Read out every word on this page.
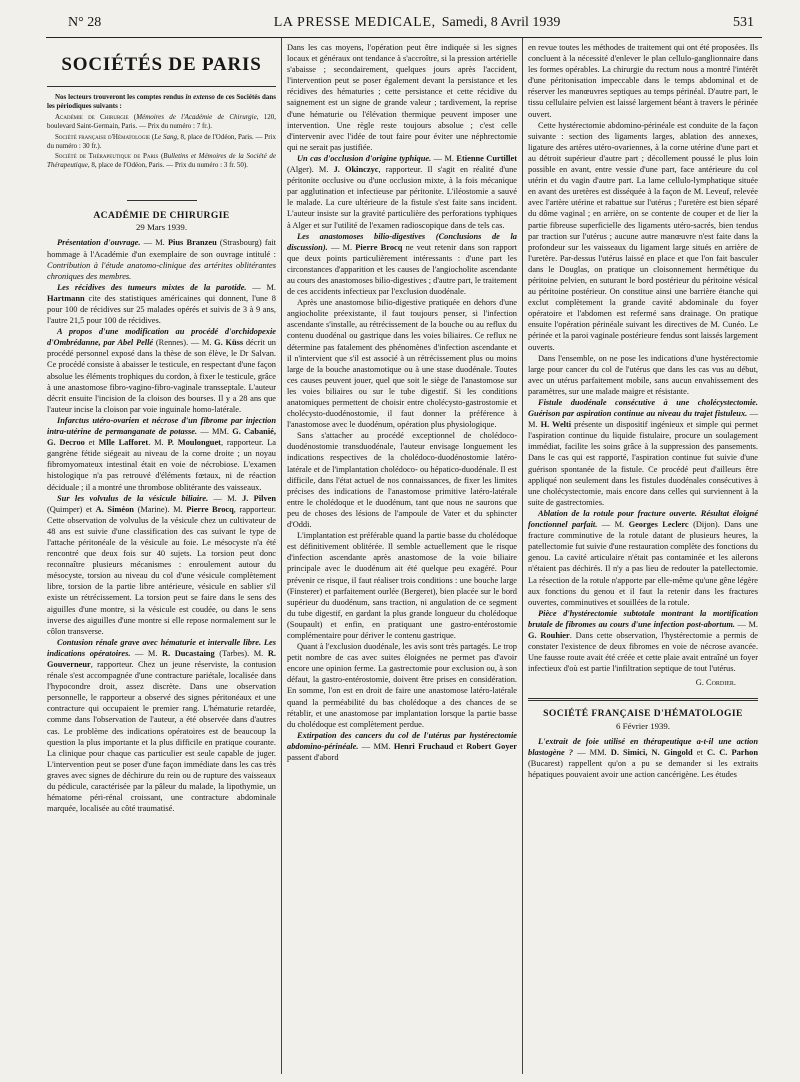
N° 28	LA PRESSE MEDICALE, Samedi, 8 Avril 1939	531
SOCIÉTÉS DE PARIS
Nos lecteurs trouveront les comptes rendus in extenso de ces Sociétés dans les périodiques suivants :
Académie de Chirurgie (Mémoires de l'Académie de Chirurgie, 120, boulevard Saint-Germain, Paris. — Prix du numéro : 7 fr.).
Société française d'Hématologie (Le Sang, 8, place de l'Odéon, Paris. — Prix du numéro : 30 fr.).
Société de Thérapeutique de Paris (Bulletins et Mémoires de la Société de Thérapeutique, 8, place de l'Odéon, Paris. — Prix du numéro : 3 fr. 50).
ACADÉMIE DE CHIRURGIE
29 Mars 1939.
Présentation d'ouvrage. — M. Pius Branzeu (Strasbourg) fait hommage à l'Académie d'un exemplaire de son ouvrage intitulé : Contribution à l'étude anatomo-clinique des artérites oblitérantes chroniques des membres.
Les récidives des tumeurs mixtes de la parotide. — M. Hartmann cite des statistiques américaines qui donnent, l'une 8 pour 100 de récidives sur 25 malades opérés et suivis de 3 à 9 ans, l'autre 21,5 pour 100 de récidives.
A propos d'une modification au procédé d'orchidopexie d'Ombrédanne, par Abel Pellé (Rennes). — M. G. Küss décrit un procédé personnel exposé dans la thèse de son élève, le Dr Salvan. Ce procédé consiste à abaisser le testicule, en respectant d'une façon absolue les éléments trophiques du cordon, à fixer le testicule, grâce à une anastomose fibro-vagino-fibro-vaginale transseptale. L'auteur décrit ensuite l'incision de la cloison des bourses. Il y a 28 ans que l'auteur incise la cloison par voie inguinale homo-latérale.
Infarctus utéro-ovarien et nécrose d'un fibrome par injection intra-utérine de permanganate de potasse. — MM. G. Cabanié, G. Decroo et Mlle Lafforet. M. P. Moulonguet, rapporteur. La gangrène fétide siégeait au niveau de la corne droite ; un noyau fibromyomateux intestinal était en voie de nécrobiose. L'examen histologique n'a pas retrouvé d'éléments fœtaux, ni de réaction déciduale ; il a montré une thrombose oblitérante des vaisseaux.
Sur les volvulus de la vésicule biliaire. — M. J. Pilven (Quimper) et A. Siméon (Marine). M. Pierre Brocq, rapporteur. Cette observation de volvulus de la vésicule chez un cultivateur de 48 ans est suivie d'une classification des cas suivant le type de l'attache péritonéale de la vésicule au foie. Le mésocyste n'a été rencontré que deux fois sur 40 sujets. La torsion peut donc reconnaître plusieurs mécanismes : enroulement autour du mésocyste, torsion au niveau du col d'une vésicule complètement libre, torsion de la partie libre antérieure, vésicule en sablier s'il existe un rétrécissement. La torsion peut se faire dans le sens des aiguilles d'une montre, si la vésicule est coudée, ou dans le sens inverse des aiguilles d'une montre si elle repose normalement sur le côlon transverse.
Contusion rénale grave avec hématurie et intervalle libre. Les indications opératoires. — M. R. Ducastaing (Tarbes). M. R. Gouverneur, rapporteur. Chez un jeune réserviste, la contusion rénale s'est accompagnée d'une contracture pariétale, localisée dans l'hypocondre droit, assez discrète. Dans une observation personnelle, le rapporteur a observé des signes péritonéaux et une contracture qui occupaient le premier rang. L'hématurie retardée, comme dans l'observation de l'auteur, a été observée dans d'autres cas. Le problème des indications opératoires est de beaucoup la question la plus importante et la plus difficile en pratique courante. La clinique pour chaque cas particulier est seule capable de juger. L'intervention peut se poser d'une façon immédiate dans les cas très graves avec signes de déchirure du rein ou de rupture des vaisseaux du pédicule, caractérisée par la pâleur du malade, la lipothymie, un hématome péri-rénal croissant, une contracture abdominale marquée, localisée au côté traumatisé.
Dans les cas moyens, l'opération peut être indiquée si les signes locaux et généraux ont tendance à s'accroître, si la pression artérielle s'abaisse ; secondairement, quelques jours après l'accident, l'intervention peut se poser également devant la persistance et les récidives des hématuries ; cette persistance et cette récidive du saignement est un signe de grande valeur ; tardivement, la reprise d'une hématurie ou l'élévation thermique peuvent imposer une intervention. Une règle reste toujours absolue ; c'est celle d'intervenir avec l'idée de tout faire pour éviter une néphrectomie qui ne serait pas justifiée.
Un cas d'occlusion d'origine typhique. — M. Etienne Curtillet (Alger). M. J. Okinczyc, rapporteur. Il s'agit en réalité d'une péritonite occlusive ou d'une occlusion mixte, à la fois mécanique par agglutination et infectieuse par péritonite. L'iléostomie a sauvé le malade. La cure ultérieure de la fistule s'est faite sans incident. L'auteur insiste sur la gravité particulière des perforations typhiques à Alger et sur l'utilité de l'examen radioscopique dans de tels cas.
Les anastomoses bilio-digestives (Conclusions de la discussion). — M. Pierre Brocq ne veut retenir dans son rapport que deux points particulièrement intéressants : d'une part les circonstances d'apparition et les causes de l'angiocholite ascendante au cours des anastomoses bilio-digestives ; d'autre part, le traitement de ces accidents infectieux par l'exclusion duodénale.
Après une anastomose bilio-digestive pratiquée en dehors d'une angiocholite préexistante, il faut toujours penser, si l'infection ascendante s'installe, au rétrécissement de la bouche ou au reflux du contenu duodénal ou gastrique dans les voies biliaires. Ce reflux ne détermine pas fatalement des phénomènes d'infection ascendante et il n'intervient que s'il est associé à un rétrécissement plus ou moins large de la bouche anastomotique ou à une stase duodénale. Toutes ces causes peuvent jouer, quel que soit le siège de l'anastomose sur les voies biliaires ou sur le tube digestif. Si les conditions anatomiques permettent de choisir entre cholécysto-gastrostomie et cholécysto-duodénostomie, il faut donner la préférence à l'anastomose avec le duodénum, opération plus physiologique.
Sans s'attacher au procédé exceptionnel de cholédoco-duodénostomie transduodénale, l'auteur envisage longuement les indications respectives de la cholédoco-duodénostomie latéro-latérale et de l'implantation cholédoco- ou hépatico-duodénale. Il est difficile, dans l'état actuel de nos connaissances, de fixer les limites précises des indications de l'anastomose primitive latéro-latérale entre le cholédoque et le duodénum, tant que nous ne saurons que peu de choses des lésions de l'ampoule de Vater et du sphincter d'Oddi.
L'implantation est préférable quand la partie basse du cholédoque est définitivement oblitérée. Il semble actuellement que le risque d'infection ascendante après anastomose de la voie biliaire principale avec le duodénum ait été quelque peu exagéré. Pour prévenir ce risque, il faut réaliser trois conditions : une bouche large (Finsterer) et parfaitement ourlée (Bergeret), bien placée sur le bord supérieur du duodénum, sans traction, ni angulation de ce segment du tube digestif, en gardant la plus grande longueur du cholédoque (Soupault) et enfin, en pratiquant une gastro-entérostomie complémentaire pour dériver le contenu gastrique.
Quant à l'exclusion duodénale, les avis sont très partagés. Le trop petit nombre de cas avec suites éloignées ne permet pas d'avoir encore une opinion ferme. La gastrectomie pour exclusion ou, à son défaut, la gastro-entérostomie, doivent être prises en considération. En somme, l'on est en droit de faire une anastomose latéro-latérale quand la perméabilité du bas cholédoque a des chances de se rétablir, et une anastomose par implantation lorsque la partie basse du cholédoque est complètement perdue.
Extirpation des cancers du col de l'utérus par hystérectomie abdomino-périnéale. — MM. Henri Fruchaud et Robert Goyer passent d'abord
en revue toutes les méthodes de traitement qui ont été proposées. Ils concluent à la nécessité d'enlever le plan cellulo-ganglionnaire dans les formes opérables. La chirurgie du rectum nous a montré l'intérêt d'une péritonisation impeccable dans le temps abdominal et de réserver les manœuvres septiques au temps périnéal. D'autre part, le tissu cellulaire pelvien est laissé largement béant à travers le périnée ouvert.
Cette hystérectomie abdomino-périnéale est conduite de la façon suivante : section des ligaments larges, ablation des annexes, ligature des artères utéro-ovariennes, à la corne utérine d'une part et au détroit supérieur d'autre part ; décollement poussé le plus loin possible en avant, entre vessie d'une part, face antérieure du col utérin et du vagin d'autre part. La lame cellulo-lymphatique située en avant des uretères est disséquée à la façon de M. Leveuf, relevée avec l'artère utérine et rabattue sur l'utérus ; l'uretère est bien séparé du dôme vaginal ; en arrière, on se contente de couper et de lier la partie fibreuse superficielle des ligaments utéro-sacrés, bien tendus par traction sur l'utérus ; aucune autre manœuvre n'est faite dans la profondeur sur les vaisseaux du ligament large situés en arrière de l'uretère. Par-dessus l'utérus laissé en place et que l'on fait basculer dans le Douglas, on pratique un cloisonnement hermétique du péritoine pelvien, en suturant le bord postérieur du péritoine vésical au péritoine postérieur. On constitue ainsi une barrière étanche qui exclut complètement la grande cavité abdominale du foyer opératoire et l'abdomen est refermé sans drainage. On pratique ensuite l'opération périnéale suivant les directives de M. Cunéo. Le périnée et la paroi vaginale postérieure fendus sont laissés largement ouverts.
Dans l'ensemble, on ne pose les indications d'une hystérectomie large pour cancer du col de l'utérus que dans les cas vus au début, avec un utérus parfaitement mobile, sans aucun envahissement des paramètres, sur une malade maigre et résistante.
Fistule duodénale consécutive à une cholécystectomie. Guérison par aspiration continue au niveau du trajet fistuleux. — M. H. Welti présente un dispositif ingénieux et simple qui permet l'aspiration continue du liquide fistulaire, procure un soulagement immédiat, facilite les soins grâce à la suppression des pansements. Dans le cas qui est rapporté, l'aspiration continue fut suivie d'une guérison spontanée de la fistule. Ce procédé peut d'ailleurs être appliqué non seulement dans les fistules duodénales consécutives à une cholécystectomie, mais encore dans celles qui surviennent à la suite de gastrectomies.
Ablation de la rotule pour fracture ouverte. Résultat éloigné fonctionnel parfait. — M. Georges Leclerc (Dijon). Dans une fracture comminutive de la rotule datant de plusieurs heures, la patellectomie fut suivie d'une restauration complète des fonctions du genou. La cavité articulaire n'était pas contaminée et les ailerons n'étaient pas déchirés. Il n'y a pas lieu de redouter la patellectomie. La résection de la rotule n'apporte par elle-même qu'une gêne légère aux fonctions du genou et il faut la retenir dans les fractures ouvertes, comminutives et souillées de la rotule.
Pièce d'hystérectomie subtotale montrant la mortification brutale de fibromes au cours d'une infection post-abortum. — M. G. Rouhier. Dans cette observation, l'hystérectomie a permis de constater l'existence de deux fibromes en voie de nécrose avancée. Une fausse route avait été créée et cette plaie avait entraîné un foyer infectieux d'où est partie l'infiltration septique de tout l'utérus.
G. Cordier.
SOCIÉTÉ FRANÇAISE D'HÉMATOLOGIE
6 Février 1939.
L'extrait de foie utilisé en thérapeutique a-t-il une action blastogène ? — MM. D. Simici, N. Gingold et C. C. Parhon (Bucarest) rappellent qu'on a pu se demander si les extraits hépatiques pouvaient avoir une action cancérigène. Les études
